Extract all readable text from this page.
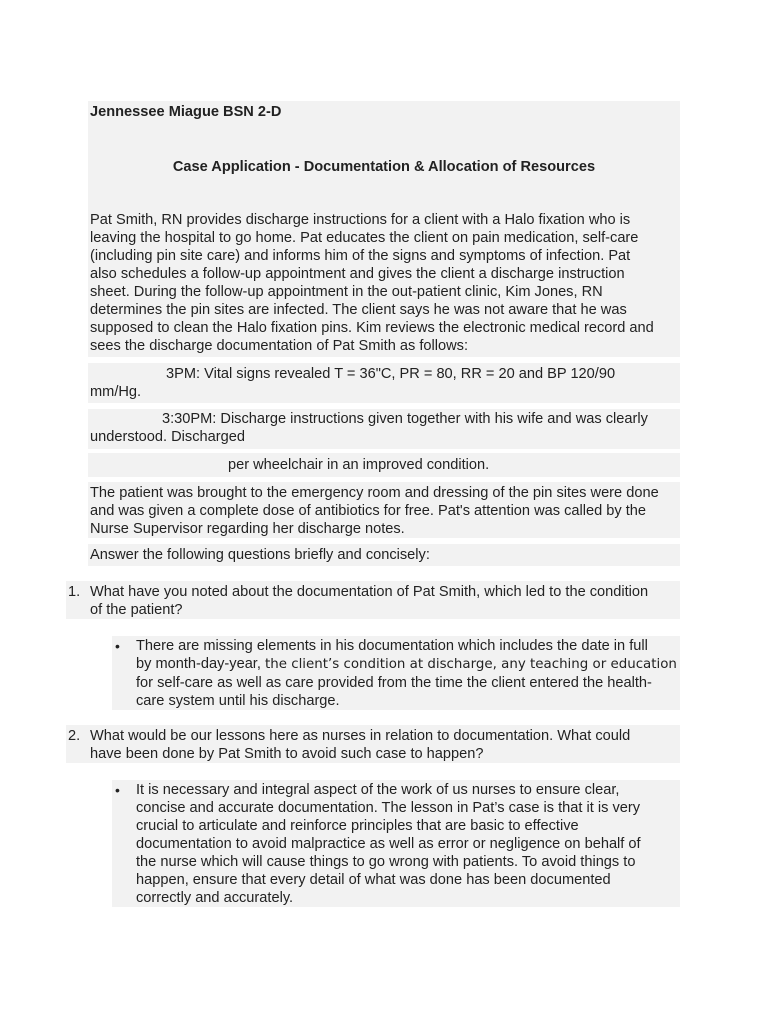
Jennessee Miague BSN 2-D
Case Application - Documentation & Allocation of Resources

Pat Smith, RN provides discharge instructions for a client with a Halo fixation who is

leaving the hospital to go home. Pat educates the client on pain medication, self-care

(including pin site care) and informs him of the signs and symptoms of infection. Pat

also schedules a follow-up appointment and gives the client a discharge instruction

sheet. During the follow-up appointment in the out-patient clinic, Kim Jones, RN

determines the pin sites are infected. The client says he was not aware that he was

supposed to clean the Halo fixation pins. Kim reviews the electronic medical record and

sees the discharge documentation of Pat Smith as follows:

3PM: Vital signs revealed T = 36"C, PR = 80, RR = 20 and BP 120/90

mm/Hg.

3:30PM: Discharge instructions given together with his wife and was clearly

understood. Discharged

per wheelchair in an improved condition.

The patient was brought to the emergency room and dressing of the pin sites were done

and was given a complete dose of antibiotics for free. Pat's attention was called by the

Nurse Supervisor regarding her discharge notes.

Answer the following questions briefly and concisely:
1. What have you noted about the documentation of Pat Smith, which led to the condition

of the patient?

• There are missing elements in his documentation which includes the date in full

by month-day-year, the client’s condition at discharge, any teaching or education

for self-care as well as care provided from the time the client entered the health-

care system until his discharge.

2. What would be our lessons here as nurses in relation to documentation. What could

have been done by Pat Smith to avoid such case to happen?

• It is necessary and integral aspect of the work of us nurses to ensure clear,

concise and accurate documentation. The lesson in Pat’s case is that it is very

crucial to articulate and reinforce principles that are basic to effective

documentation to avoid malpractice as well as error or negligence on behalf of

the nurse which will cause things to go wrong with patients. To avoid things to

happen, ensure that every detail of what was done has been documented

correctly and accurately.
